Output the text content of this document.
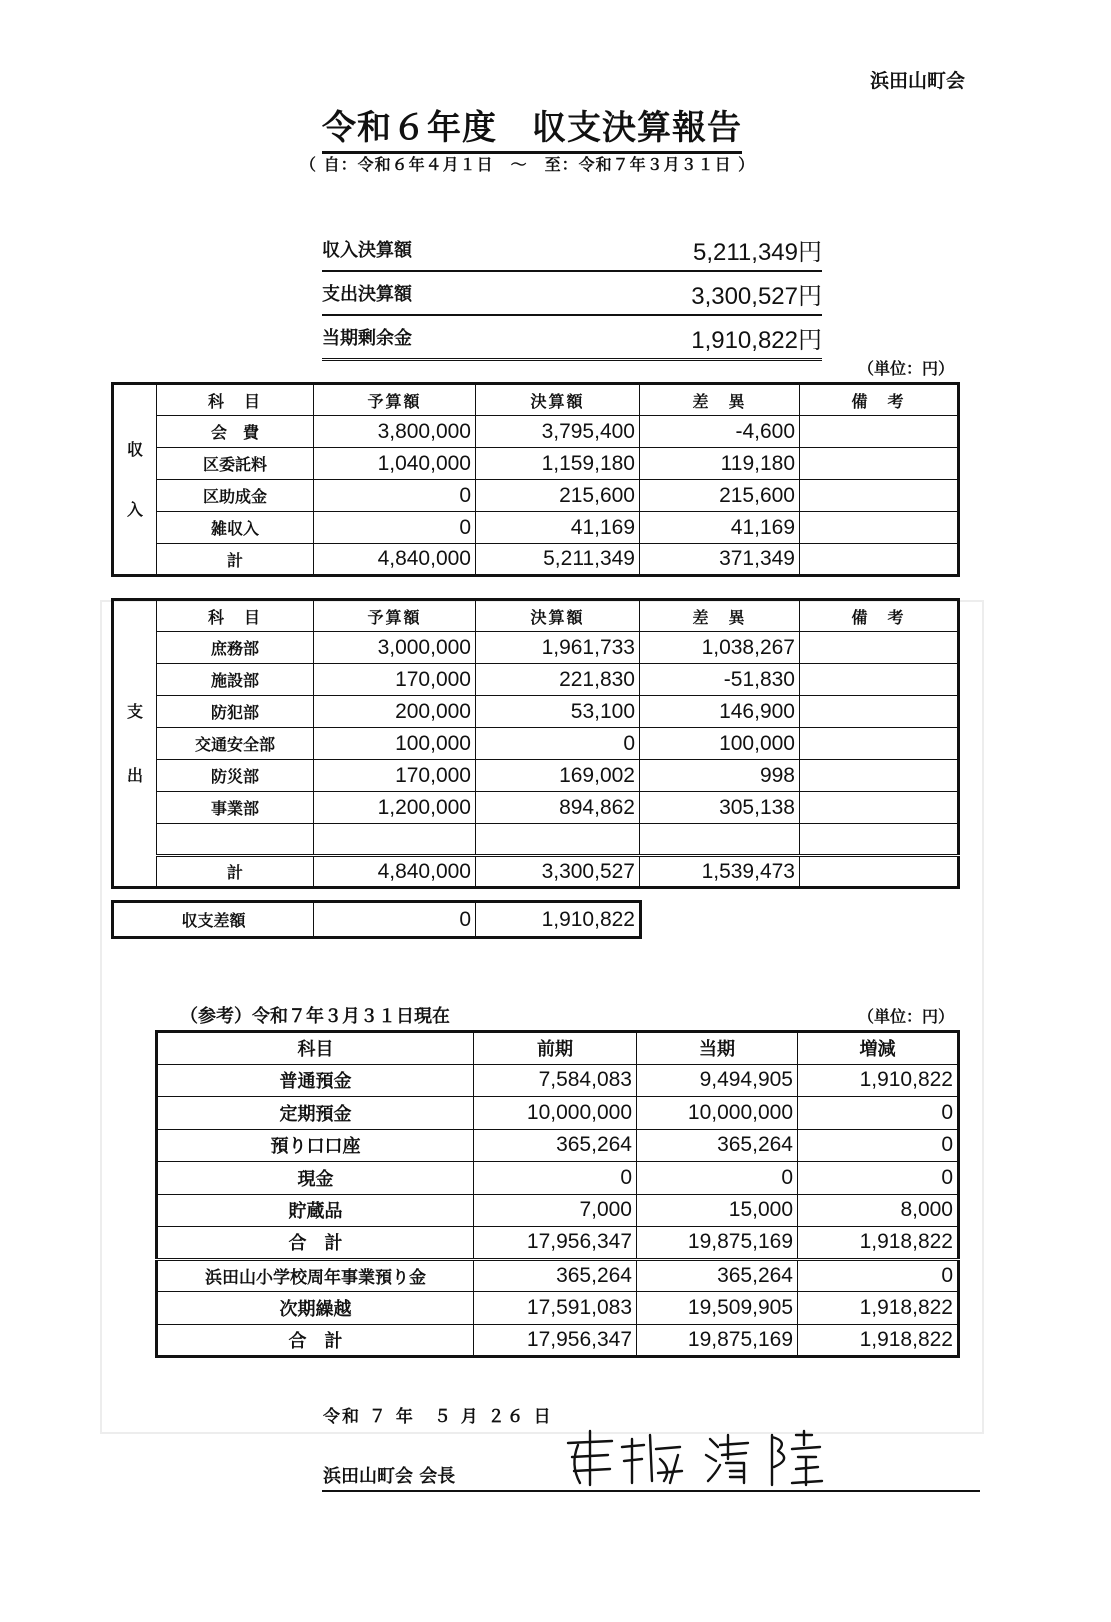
浜田山町会
令和６年度　収支決算報告
（ 自：令和６年４月１日　～　至：令和７年３月３１日 ）
収入決算額	5,211,349円
支出決算額	3,300,527円
当期剰余金	1,910,822円
（単位：円）
収
入	科　目	予算額	決算額	差　異	備　考
	会　費	3,800,000	3,795,400	-4,600	
	区委託料	1,040,000	1,159,180	119,180	
	区助成金	0	215,600	215,600	
	雑収入	0	41,169	41,169	
	計	4,840,000	5,211,349	371,349	
支
出	科　目	予算額	決算額	差　異	備　考
	庶務部	3,000,000	1,961,733	1,038,267	
	施設部	170,000	221,830	-51,830	
	防犯部	200,000	53,100	146,900	
	交通安全部	100,000	0	100,000	
	防災部	170,000	169,002	998	
	事業部	1,200,000	894,862	305,138	

	計	4,840,000	3,300,527	1,539,473	
収支差額	0	1,910,822
（参考）令和７年３月３１日現在	（単位：円）
科目	前期	当期	増減
普通預金	7,584,083	9,494,905	1,910,822
定期預金	10,000,000	10,000,000	0
預り口口座	365,264	365,264	0
現金	0	0	0
貯蔵品	7,000	15,000	8,000
合　計	17,956,347	19,875,169	1,918,822
浜田山小学校周年事業預り金	365,264	365,264	0
次期繰越	17,591,083	19,509,905	1,918,822
合　計	17,956,347	19,875,169	1,918,822
令和 ７ 年　５ 月 ２６ 日
浜田山町会 会長
